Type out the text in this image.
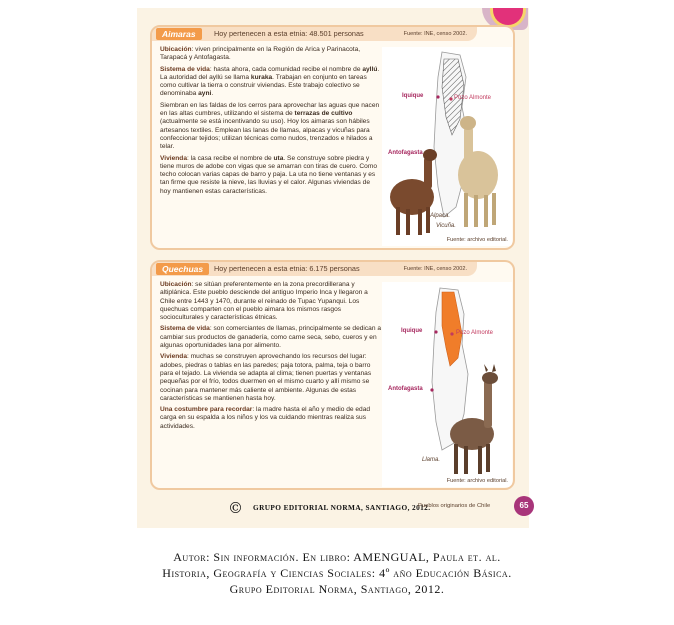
Aimaras	Hoy pertenecen a esta etnia: 48.501 personas	Fuente: INE, censo 2002.

Ubicación: viven principalmente en la Región de Arica y Parinacota, Tarapacá y Antofagasta.

Sistema de vida: hasta ahora, cada comunidad recibe el nombre de ayllú. La autoridad del ayllú se llama kuraka. Trabajan en conjunto en tareas como cultivar la tierra o construir viviendas. Este trabajo colectivo se denominaba ayni.

Siembran en las faldas de los cerros para aprovechar las aguas que nacen en las altas cumbres, utilizando el sistema de terrazas de cultivo (actualmente se está incentivando su uso). Hoy los aimaras son hábiles artesanos textiles. Emplean las lanas de llamas, alpacas y vicuñas para confeccionar tejidos; utilizan técnicas como nudos, trenzados e hilados a telar.

Vivienda: la casa recibe el nombre de uta. Se construye sobre piedra y tiene muros de adobe con vigas que se amarran con tiras de cuero. Como techo colocan varias capas de barro y paja. La uta no tiene ventanas y es tan firme que resiste la nieve, las lluvias y el calor. Algunas viviendas de hoy mantienen estas características.

Iquique	Pozo Almonte
Antofagasta
Alpaca.
Vicuña.
Fuente: archivo editorial.
Quechuas	Hoy pertenecen a esta etnia: 6.175 personas	Fuente: INE, censo 2002.

Ubicación: se sitúan preferentemente en la zona precordillerana y altiplánica. Este pueblo desciende del antiguo Imperio Inca y llegaron a Chile entre 1443 y 1470, durante el reinado de Tupac Yupanqui. Los quechuas comparten con el pueblo aimara los mismos rasgos socioculturales y características étnicas.

Sistema de vida: son comerciantes de llamas, principalmente se dedican a cambiar sus productos de ganadería, como carne seca, sebo, cueros y en algunas oportunidades lana por alimento.

Vivienda: muchas se construyen aprovechando los recursos del lugar: adobes, piedras o tablas en las paredes; paja totora, palma, teja o barro para el tejado. La vivienda se adapta al clima; tienen puertas y ventanas pequeñas por el frío, todos duermen en el mismo cuarto y allí mismo se cocinan para mantener más caliente el ambiente. Algunas de estas características se mantienen hasta hoy.

Una costumbre para recordar: la madre hasta el año y medio de edad carga en su espalda a los niños y los va cuidando mientras realiza sus actividades.

Iquique	Pozo Almonte
Antofagasta
Llama.
Fuente: archivo editorial.
©	GRUPO EDITORIAL NORMA, SANTIAGO, 2012.
Pueblos originarios de Chile	65
Autor: Sin información. En libro: AMENGUAL, Paula et. al.
Historia, Geografía y Ciencias Sociales: 4º año Educación Básica.
Grupo Editorial Norma, Santiago, 2012.
